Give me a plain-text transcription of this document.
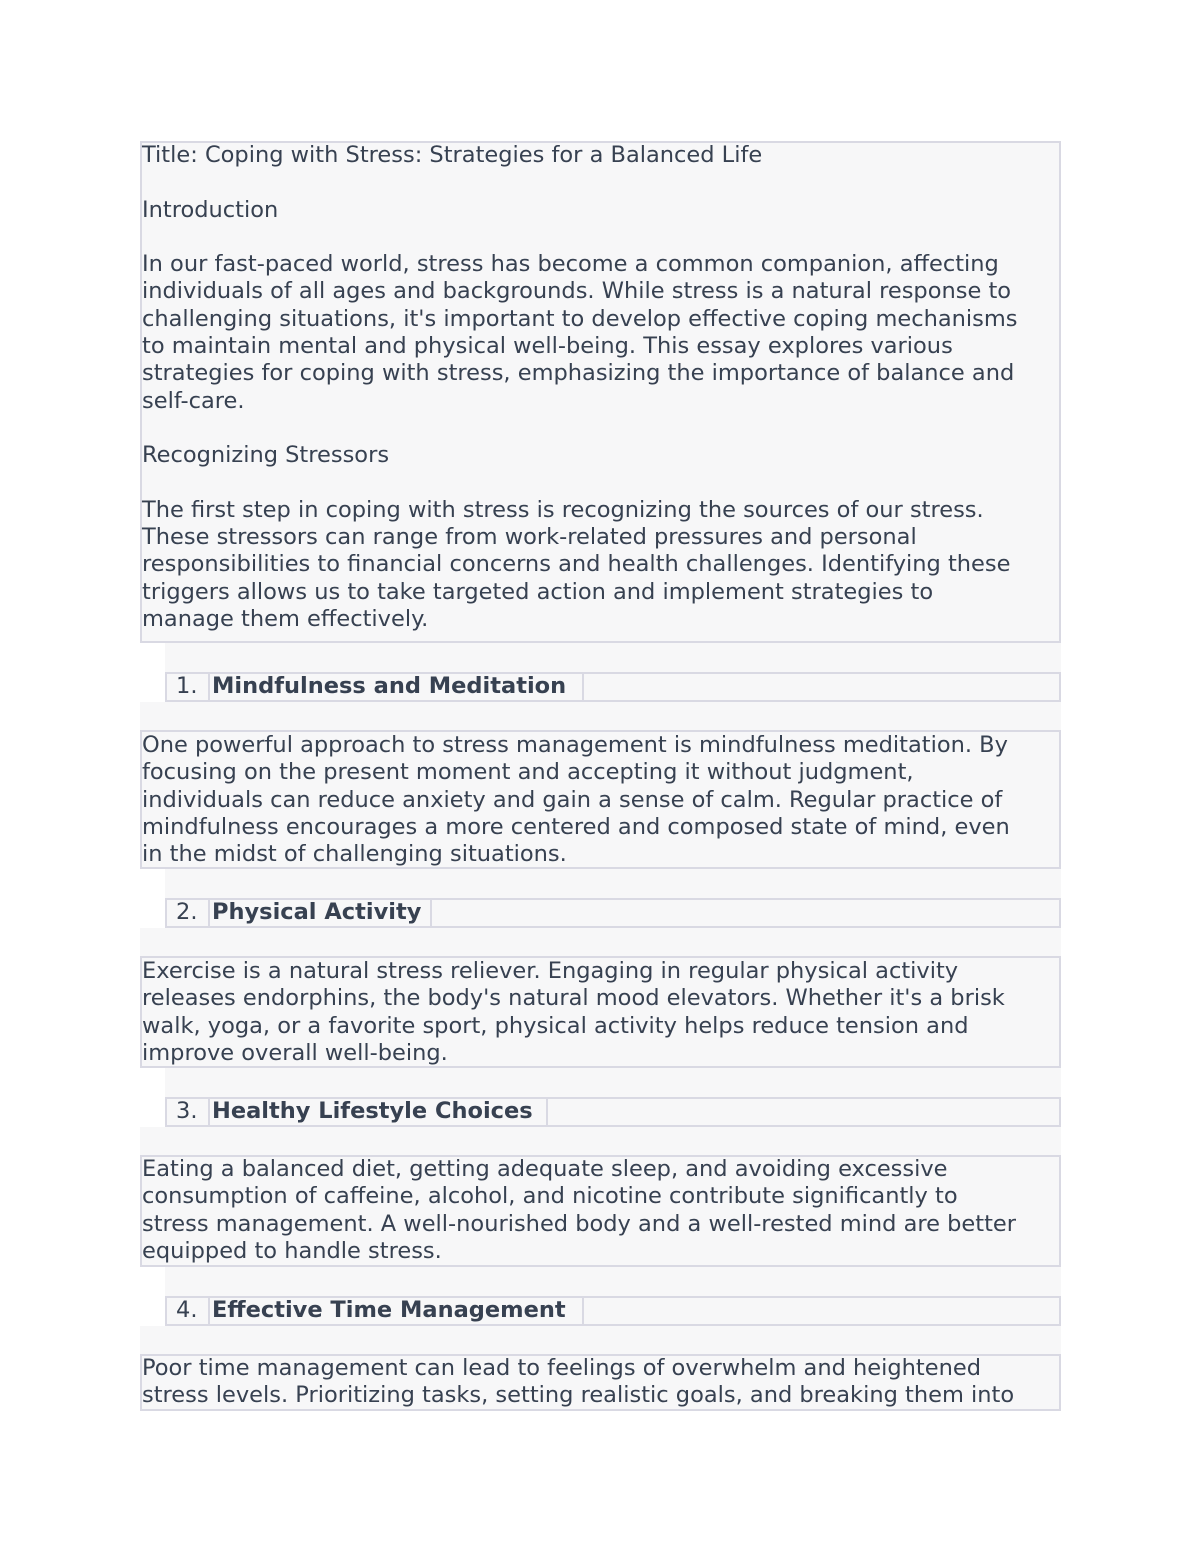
Title: Coping with Stress: Strategies for a Balanced Life
Introduction
In our fast-paced world, stress has become a common companion, affecting
individuals of all ages and backgrounds. While stress is a natural response to
challenging situations, it's important to develop effective coping mechanisms
to maintain mental and physical well-being. This essay explores various
strategies for coping with stress, emphasizing the importance of balance and
self-care.
Recognizing Stressors
The first step in coping with stress is recognizing the sources of our stress.
These stressors can range from work-related pressures and personal
responsibilities to financial concerns and health challenges. Identifying these
triggers allows us to take targeted action and implement strategies to
manage them effectively.
1. Mindfulness and Meditation
One powerful approach to stress management is mindfulness meditation. By
focusing on the present moment and accepting it without judgment,
individuals can reduce anxiety and gain a sense of calm. Regular practice of
mindfulness encourages a more centered and composed state of mind, even
in the midst of challenging situations.
2. Physical Activity
Exercise is a natural stress reliever. Engaging in regular physical activity
releases endorphins, the body's natural mood elevators. Whether it's a brisk
walk, yoga, or a favorite sport, physical activity helps reduce tension and
improve overall well-being.
3. Healthy Lifestyle Choices
Eating a balanced diet, getting adequate sleep, and avoiding excessive
consumption of caffeine, alcohol, and nicotine contribute significantly to
stress management. A well-nourished body and a well-rested mind are better
equipped to handle stress.
4. Effective Time Management
Poor time management can lead to feelings of overwhelm and heightened
stress levels. Prioritizing tasks, setting realistic goals, and breaking them into
